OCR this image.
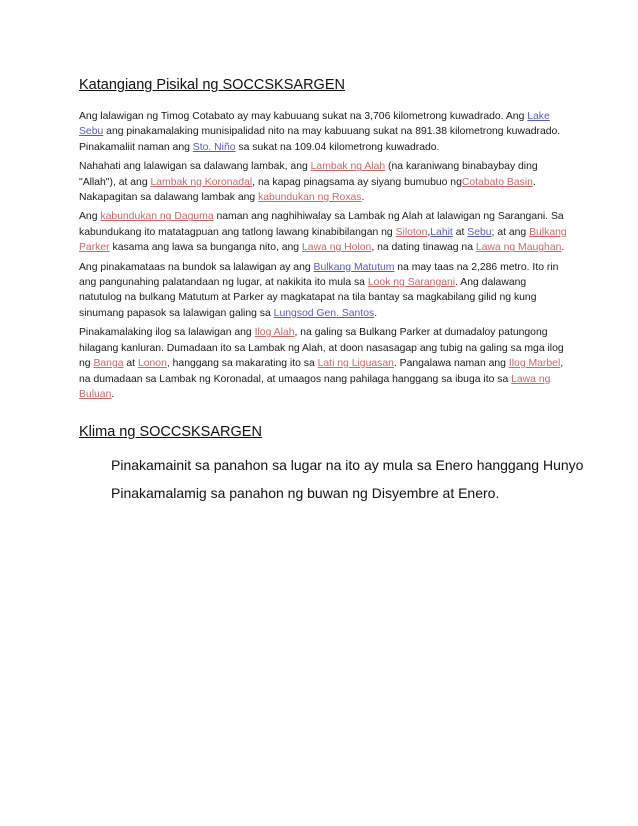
Katangiang Pisikal ng SOCCSKSARGEN

Ang lalawigan ng Timog Cotabato ay may kabuuang sukat na 3,706 kilometrong kuwadrado. Ang Lake Sebu ang pinakamalaking munisipalidad nito na may kabuuang sukat na 891.38 kilometrong kuwadrado. Pinakamaliit naman ang Sto. Niño sa sukat na 109.04 kilometrong kuwadrado.

Nahahati ang lalawigan sa dalawang lambak, ang Lambak ng Alah (na karaniwang binabaybay ding "Allah"), at ang Lambak ng Koronadal, na kapag pinagsama ay siyang bumubuo ngCotabato Basin. Nakapagitan sa dalawang lambak ang kabundukan ng Roxas.

Ang kabundukan ng Daguma naman ang naghihiwalay sa Lambak ng Alah at lalawigan ng Sarangani. Sa kabundukang ito matatagpuan ang tatlong lawang kinabibilangan ng Siloton,Lahit at Sebu; at ang Bulkang Parker kasama ang lawa sa bunganga nito, ang Lawa ng Holon, na dating tinawag na Lawa ng Maughan.

Ang pinakamataas na bundok sa lalawigan ay ang Bulkang Matutum na may taas na 2,286 metro. Ito rin ang pangunahing palatandaan ng lugar, at nakikita ito mula sa Look ng Sarangani. Ang dalawang natutulog na bulkang Matutum at Parker ay magkatapat na tila bantay sa magkabilang gilid ng kung sinumang papasok sa lalawigan galing sa Lungsod Gen. Santos.

Pinakamalaking ilog sa lalawigan ang Ilog Alah, na galing sa Bulkang Parker at dumadaloy patungong hilagang kanluran. Dumadaan ito sa Lambak ng Alah, at doon nasasagap ang tubig na galing sa mga ilog ng Banga at Lonon, hanggang sa makarating ito sa Lati ng Liguasan. Pangalawa naman ang Ilog Marbel, na dumadaan sa Lambak ng Koronadal, at umaagos nang pahilaga hanggang sa ibuga ito sa Lawa ng Buluan.

Klima ng SOCCSKSARGEN
Pinakamainit sa panahon sa lugar na ito ay mula sa Enero hanggang Hunyo
Pinakamalamig sa panahon ng buwan ng Disyembre at Enero.
